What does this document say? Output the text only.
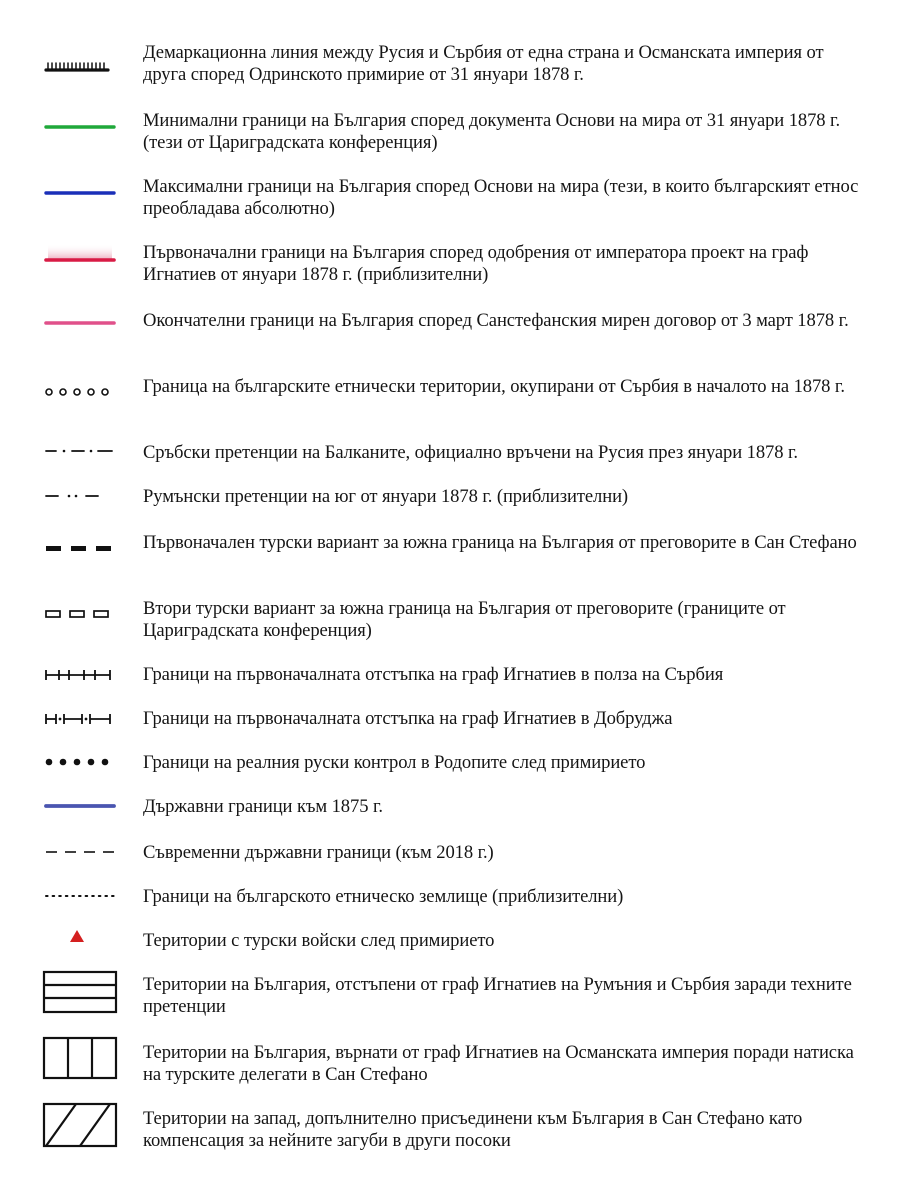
Демаркационна линия между Русия и Сърбия от една страна и Османската империя от друга според Одринското примирие от 31 януари 1878 г.
Минимални граници на България според документа Основи на мира от 31 януари 1878 г. (тези от Цариградската конференция)
Максимални граници на България според Основи на мира (тези, в които българският етнос преобладава абсолютно)
Първоначални граници на България според одобрения от императора проект на граф Игнатиев от януари 1878 г. (приблизителни)
Окончателни граници на България според Санстефанския мирен договор от 3 март 1878 г.
Граница на българските етнически територии, окупирани от Сърбия в началото на 1878 г.
Сръбски претенции на Балканите, официално връчени на Русия през януари 1878 г.
Румънски претенции на юг от януари 1878 г. (приблизителни)
Първоначален турски вариант за южна граница на България от преговорите в Сан Стефано
Втори турски вариант за южна граница на България от преговорите (границите от Цариградската конференция)
Граници на първоначалната отстъпка на граф Игнатиев в полза на Сърбия
Граници на първоначалната отстъпка на граф Игнатиев в Добруджа
Граници на реалния руски контрол в Родопите след примирието
Държавни граници към 1875 г.
Съвременни държавни граници (към 2018 г.)
Граници на българското етническо землище (приблизителни)
Територии с турски войски след примирието
Територии на България, отстъпени от граф Игнатиев на Румъния и Сърбия заради техните претенции
Територии на България, върнати от граф Игнатиев на Османската империя поради натиска на турските делегати в Сан Стефано
Територии на запад, допълнително присъединени към България в Сан Стефано като компенсация за нейните загуби в други посоки
